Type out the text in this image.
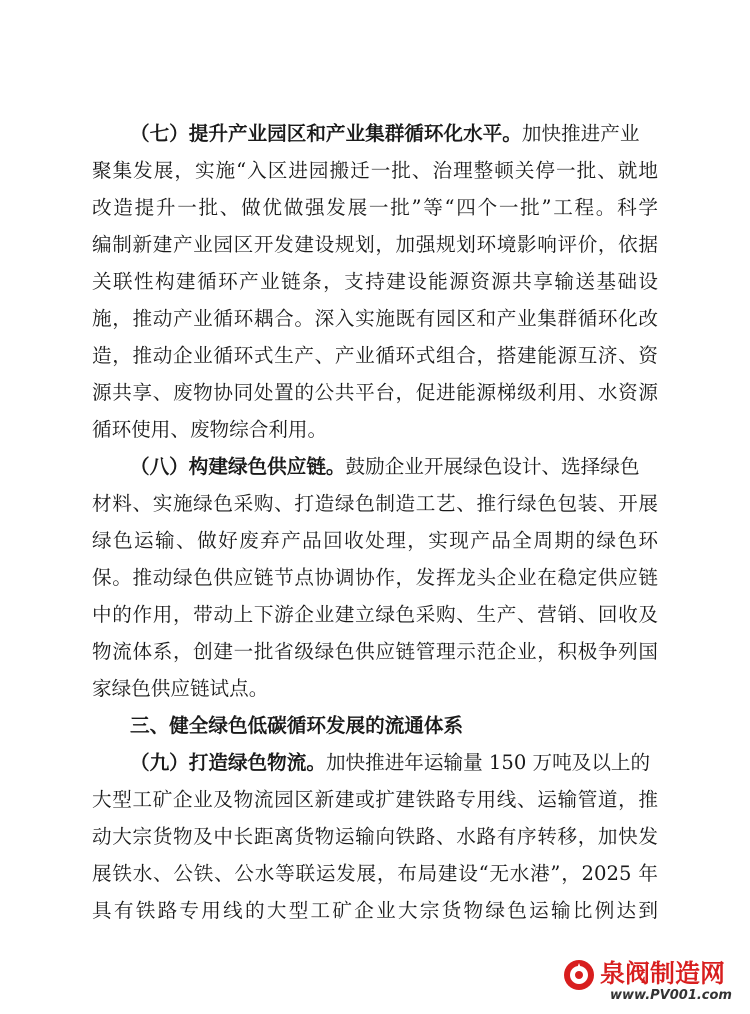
（七）提升产业园区和产业集群循环化水平。加快推进产业
聚集发展，实施“入区进园搬迁一批、治理整顿关停一批、就地
改造提升一批、做优做强发展一批”等“四个一批”工程。科学
编制新建产业园区开发建设规划，加强规划环境影响评价，依据
关联性构建循环产业链条，支持建设能源资源共享输送基础设
施，推动产业循环耦合。深入实施既有园区和产业集群循环化改
造，推动企业循环式生产、产业循环式组合，搭建能源互济、资
源共享、废物协同处置的公共平台，促进能源梯级利用、水资源
循环使用、废物综合利用。
（八）构建绿色供应链。鼓励企业开展绿色设计、选择绿色
材料、实施绿色采购、打造绿色制造工艺、推行绿色包装、开展
绿色运输、做好废弃产品回收处理，实现产品全周期的绿色环
保。推动绿色供应链节点协调协作，发挥龙头企业在稳定供应链
中的作用，带动上下游企业建立绿色采购、生产、营销、回收及
物流体系，创建一批省级绿色供应链管理示范企业，积极争列国
家绿色供应链试点。
三、健全绿色低碳循环发展的流通体系
（九）打造绿色物流。加快推进年运输量 150 万吨及以上的
大型工矿企业及物流园区新建或扩建铁路专用线、运输管道，推
动大宗货物及中长距离货物运输向铁路、水路有序转移，加快发
展铁水、公铁、公水等联运发展，布局建设“无水港”，2025 年
具有铁路专用线的大型工矿企业大宗货物绿色运输比例达到
泉阀制造网
www.PV001.com
